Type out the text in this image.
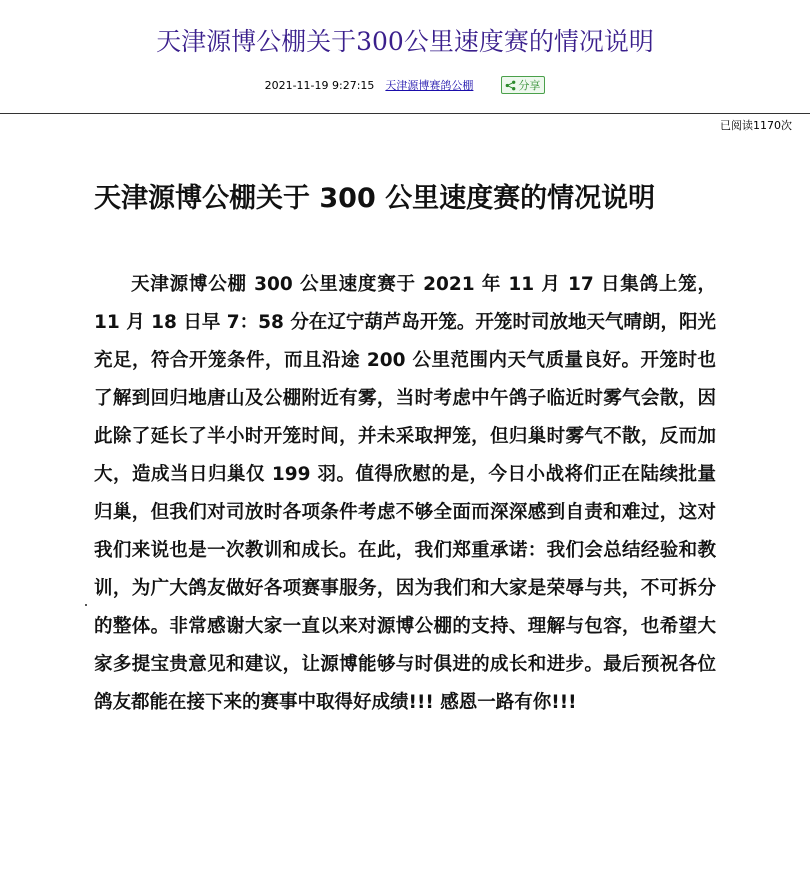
天津源博公棚关于300公里速度赛的情况说明
2021-11-19 9:27:15 天津源博赛鸽公棚	分享
已阅读1170次
天津源博公棚关于 300 公里速度赛的情况说明
天津源博公棚 300 公里速度赛于 2021 年 11 月 17 日集鸽上笼，11 月 18 日早 7：58 分在辽宁葫芦岛开笼。开笼时司放地天气晴朗，阳光充足，符合开笼条件，而且沿途 200 公里范围内天气质量良好。开笼时也了解到回归地唐山及公棚附近有雾，当时考虑中午鸽子临近时雾气会散，因此除了延长了半小时开笼时间，并未采取押笼，但归巢时雾气不散，反而加大，造成当日归巢仅 199 羽。值得欣慰的是，今日小战将们正在陆续批量归巢，但我们对司放时各项条件考虑不够全面而深深感到自责和难过，这对我们来说也是一次教训和成长。在此，我们郑重承诺：我们会总结经验和教训，为广大鸽友做好各项赛事服务，因为我们和大家是荣辱与共，不可拆分的整体。非常感谢大家一直以来对源博公棚的支持、理解与包容，也希望大家多提宝贵意见和建议，让源博能够与时俱进的成长和进步。最后预祝各位鸽友都能在接下来的赛事中取得好成绩!!! 感恩一路有你!!!
